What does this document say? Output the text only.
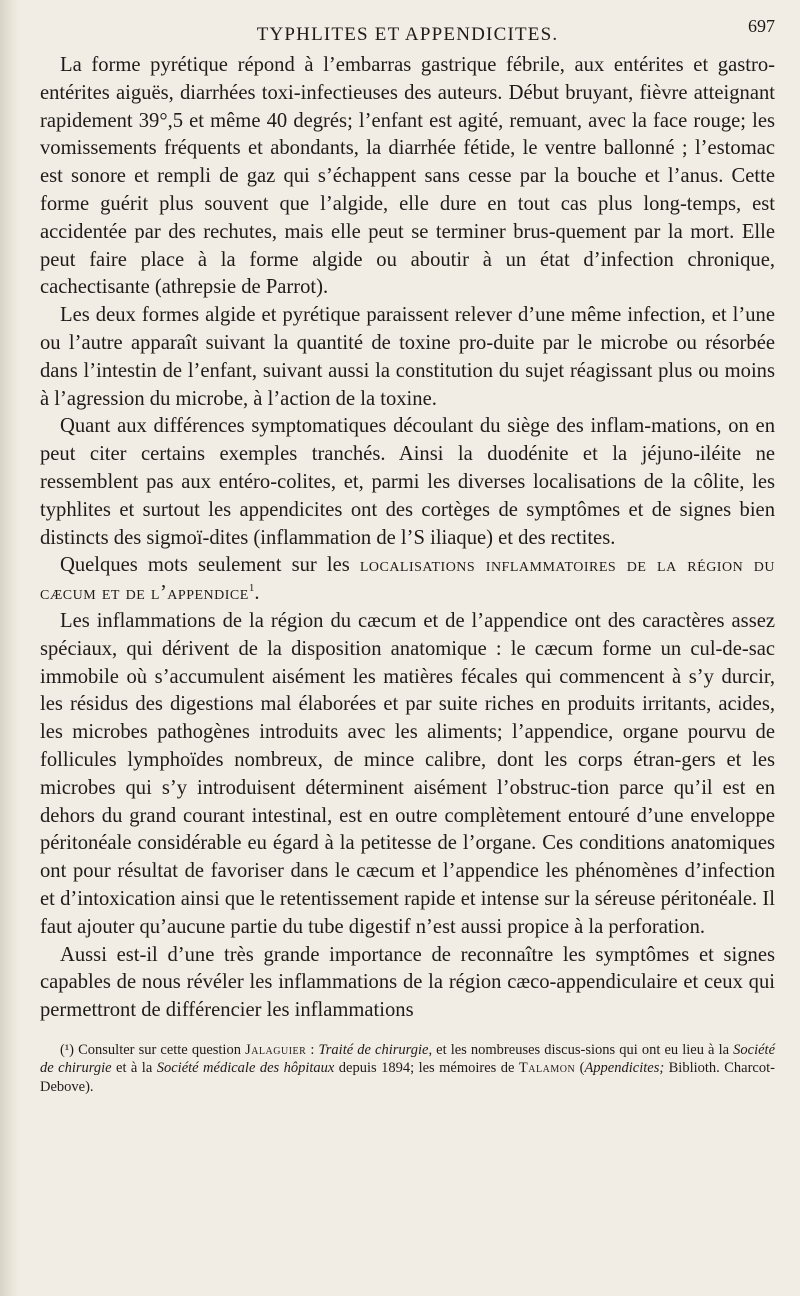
TYPHLITES ET APPENDICITES.	697

La forme pyrétique répond à l’embarras gastrique fébrile, aux entérites et gastro-entérites aiguës, diarrhées toxi-infectieuses des auteurs. Début bruyant, fièvre atteignant rapidement 39°,5 et même 40 degrés; l’enfant est agité, remuant, avec la face rouge; les vomissements fréquents et abondants, la diarrhée fétide, le ventre ballonné ; l’estomac est sonore et rempli de gaz qui s’échappent sans cesse par la bouche et l’anus. Cette forme guérit plus souvent que l’algide, elle dure en tout cas plus long-temps, est accidentée par des rechutes, mais elle peut se terminer brus-quement par la mort. Elle peut faire place à la forme algide ou aboutir à un état d’infection chronique, cachectisante (athrepsie de Parrot).

Les deux formes algide et pyrétique paraissent relever d’une même infection, et l’une ou l’autre apparaît suivant la quantité de toxine pro-duite par le microbe ou résorbée dans l’intestin de l’enfant, suivant aussi la constitution du sujet réagissant plus ou moins à l’agression du microbe, à l’action de la toxine.

Quant aux différences symptomatiques découlant du siège des inflam-mations, on en peut citer certains exemples tranchés. Ainsi la duodénite et la jéjuno-iléite ne ressemblent pas aux entéro-colites, et, parmi les diverses localisations de la côlite, les typhlites et surtout les appendicites ont des cortèges de symptômes et de signes bien distincts des sigmoï-dites (inflammation de l’S iliaque) et des rectites.

Quelques mots seulement sur les localisations inflammatoires de la région du cæcum et de l’appendice$^1$.

Les inflammations de la région du cæcum et de l’appendice ont des caractères assez spéciaux, qui dérivent de la disposition anatomique : le cæcum forme un cul-de-sac immobile où s’accumulent aisément les matières fécales qui commencent à s’y durcir, les résidus des digestions mal élaborées et par suite riches en produits irritants, acides, les microbes pathogènes introduits avec les aliments; l’appendice, organe pourvu de follicules lymphoïdes nombreux, de mince calibre, dont les corps étran-gers et les microbes qui s’y introduisent déterminent aisément l’obstruc-tion parce qu’il est en dehors du grand courant intestinal, est en outre complètement entouré d’une enveloppe péritonéale considérable eu égard à la petitesse de l’organe. Ces conditions anatomiques ont pour résultat de favoriser dans le cæcum et l’appendice les phénomènes d’infection et d’intoxication ainsi que le retentissement rapide et intense sur la séreuse péritonéale. Il faut ajouter qu’aucune partie du tube digestif n’est aussi propice à la perforation.

Aussi est-il d’une très grande importance de reconnaître les symptômes et signes capables de nous révéler les inflammations de la région cæco-appendiculaire et ceux qui permettront de différencier les inflammations

(¹) Consulter sur cette question Jalaguier : Traité de chirurgie, et les nombreuses discus-sions qui ont eu lieu à la Société de chirurgie et à la Société médicale des hôpitaux depuis 1894; les mémoires de Talamon (Appendicites; Biblioth. Charcot-Debove).
